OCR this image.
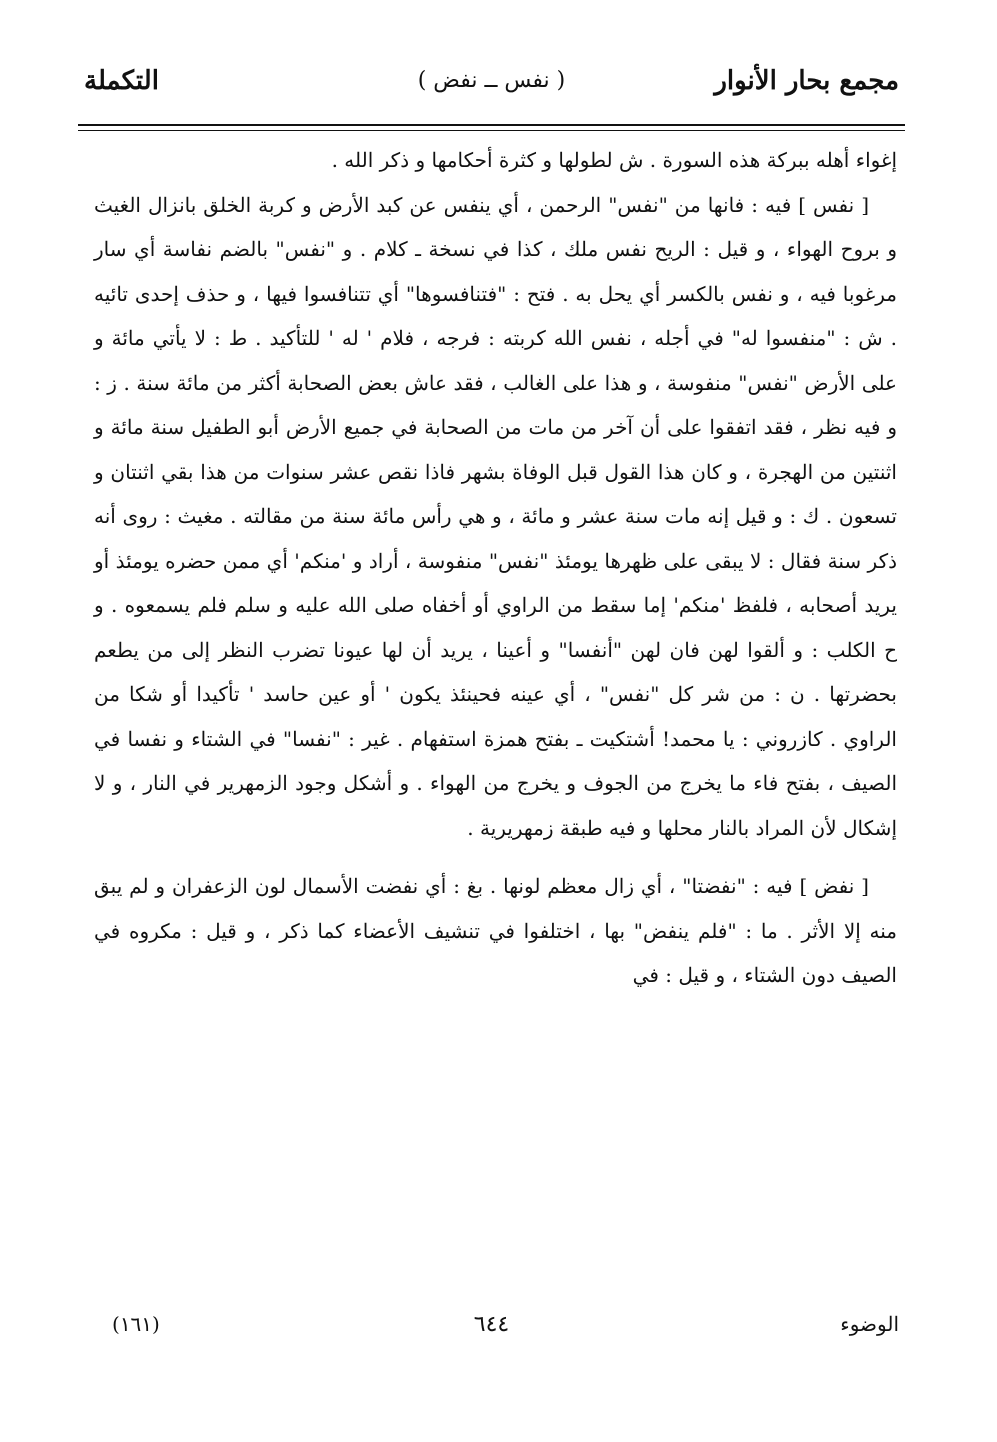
مجمع بحار الأنوار
( نفس ــ نفض )
التكملة

إغواء أهله ببركة هذه السورة . ش لطولها و كثرة أحكامها و ذكر الله .

[ نفس ] فيه : فانها من "نفس" الرحمن ، أي ينفس عن كبد الأرض و كربة الخلق بانزال الغيث و بروح الهواء ، و قيل : الريح نفس ملك ، كذا في نسخة ـ كلام . و "نفس" بالضم نفاسة أي سار مرغوبا فيه ، و نفس بالكسر أي يحل به . فتح : "فتنافسوها" أي تتنافسوا فيها ، و حذف إحدى تائيه . ش : "منفسوا له" في أجله ، نفس الله كربته : فرجه ، فلام ' له ' للتأكيد . ط : لا يأتي مائة و على الأرض "نفس" منفوسة ، و هذا على الغالب ، فقد عاش بعض الصحابة أكثر من مائة سنة . ز : و فيه نظر ، فقد اتفقوا على أن آخر من مات من الصحابة في جميع الأرض أبو الطفيل سنة مائة و اثنتين من الهجرة ، و كان هذا القول قبل الوفاة بشهر فاذا نقص عشر سنوات من هذا بقي اثنتان و تسعون . ك : و قيل إنه مات سنة عشر و مائة ، و هي رأس مائة سنة من مقالته . مغيث : روى أنه ذكر سنة فقال : لا يبقى على ظهرها يومئذ "نفس" منفوسة ، أراد و 'منكم' أي ممن حضره يومئذ أو يريد أصحابه ، فلفظ 'منكم' إما سقط من الراوي أو أخفاه صلى الله عليه و سلم فلم يسمعوه . و ح الكلب : و ألقوا لهن فان لهن "أنفسا" و أعينا ، يريد أن لها عيونا تضرب النظر إلى من يطعم بحضرتها . ن : من شر كل "نفس" ، أي عينه فحينئذ يكون ' أو عين حاسد ' تأكيدا أو شكا من الراوي . كازروني : يا محمد! أشتكيت ـ بفتح همزة استفهام . غير : "نفسا" في الشتاء و نفسا في الصيف ، بفتح فاء ما يخرج من الجوف و يخرج من الهواء . و أشكل وجود الزمهرير في النار ، و لا إشكال لأن المراد بالنار محلها و فيه طبقة زمهريرية .

[ نفض ] فيه : "نفضتا" ، أي زال معظم لونها . بغ : أي نفضت الأسمال لون الزعفران و لم يبق منه إلا الأثر . ما : "فلم ينفض" بها ، اختلفوا في تنشيف الأعضاء كما ذكر ، و قيل : مكروه في الصيف دون الشتاء ، و قيل : في

الوضوء
٦٤٤
(١٦١)
